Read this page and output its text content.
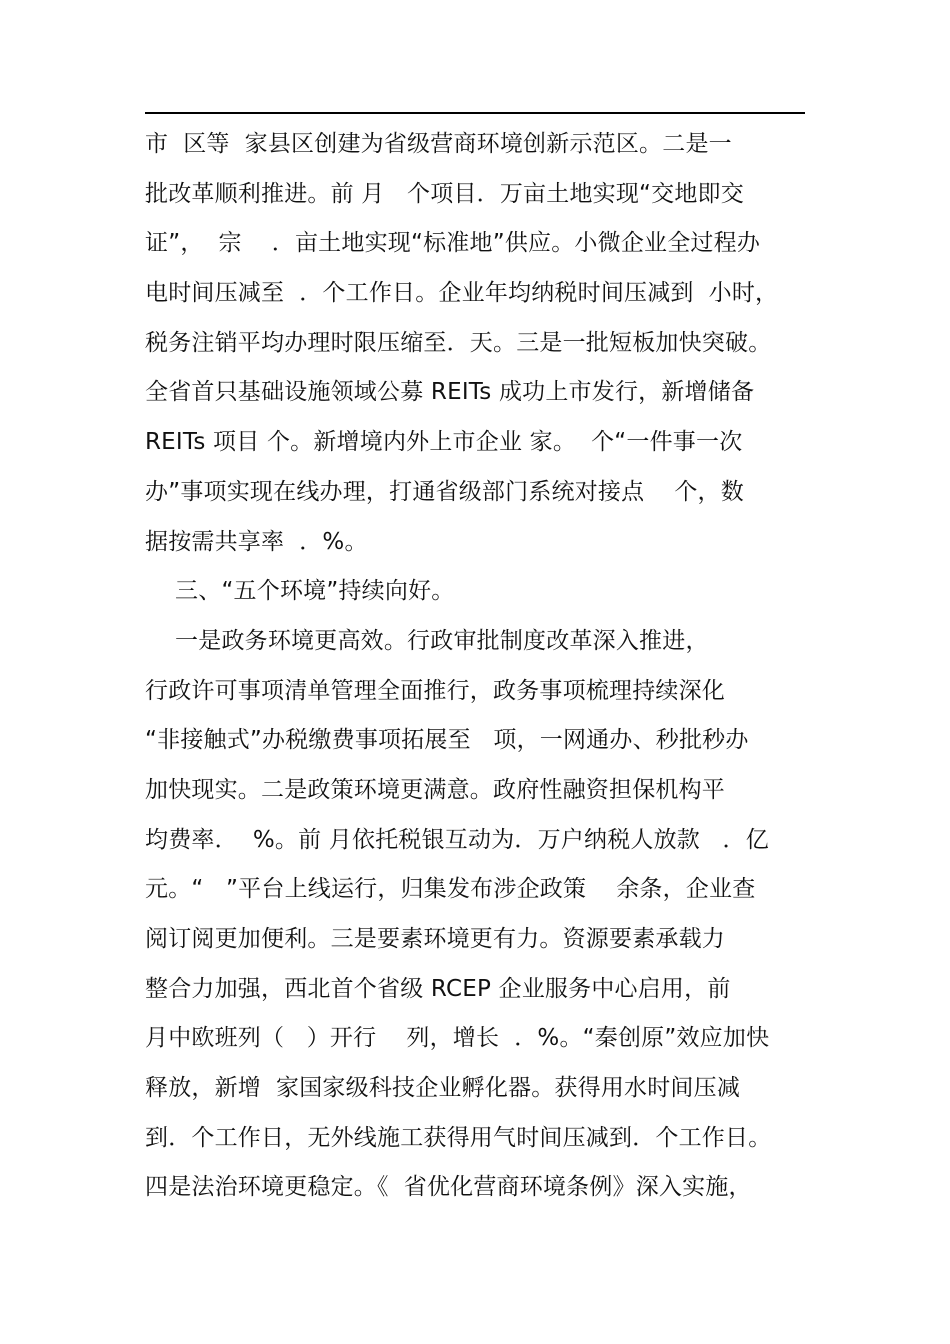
市  区等  家县区创建为省级营商环境创新示范区。二是一
批改革顺利推进。前 月   个项目．万亩土地实现“交地即交
证”，  宗    ．亩土地实现“标准地”供应。小微企业全过程办
电时间压减至  ．个工作日。企业年均纳税时间压减到  小时，
税务注销平均办理时限压缩至．天。三是一批短板加快突破。
全省首只基础设施领域公募 REITs 成功上市发行，新增储备
REITs 项目 个。新增境内外上市企业 家。  个“一件事一次
办”事项实现在线办理，打通省级部门系统对接点    个，数
据按需共享率  ．%。
三、“五个环境”持续向好。
一是政务环境更高效。行政审批制度改革深入推进，
行政许可事项清单管理全面推行，政务事项梳理持续深化
“非接触式”办税缴费事项拓展至   项，一网通办、秒批秒办
加快现实。二是政策环境更满意。政府性融资担保机构平
均费率．  %。前 月依托税银互动为．万户纳税人放款   ．亿
元。“   ”平台上线运行，归集发布涉企政策    余条，企业查
阅订阅更加便利。三是要素环境更有力。资源要素承载力
整合力加强，西北首个省级 RCEP 企业服务中心启用，前
月中欧班列（   ）开行    列，增长  ．%。“秦创原”效应加快
释放，新增  家国家级科技企业孵化器。获得用水时间压减
到．个工作日，无外线施工获得用气时间压减到．个工作日。
四是法治环境更稳定。《  省优化营商环境条例》深入实施，
